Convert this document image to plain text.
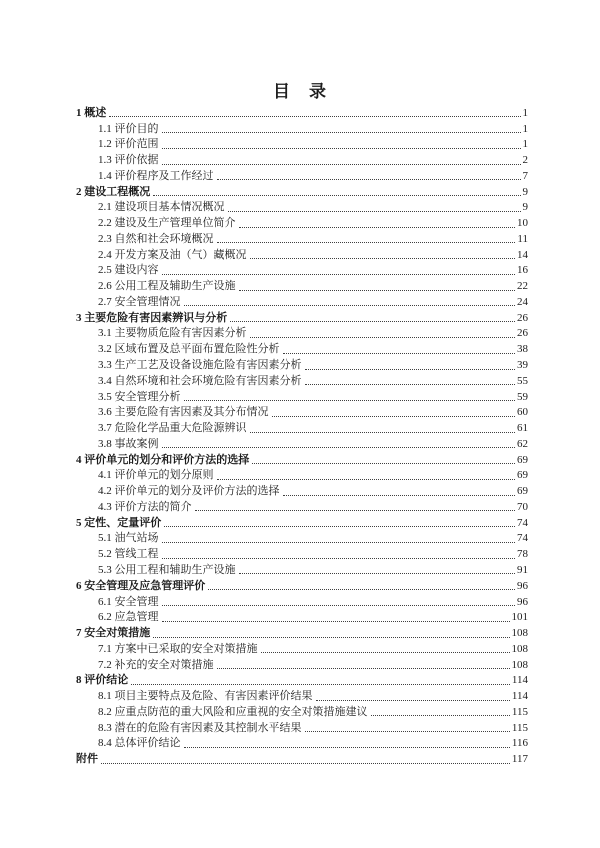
目　录
1 概述	1
1.1 评价目的	1
1.2 评价范围	1
1.3 评价依据	2
1.4 评价程序及工作经过	7
2 建设工程概况	9
2.1 建设项目基本情况概况	9
2.2 建设及生产管理单位简介	10
2.3 自然和社会环境概况	11
2.4 开发方案及油（气）藏概况	14
2.5 建设内容	16
2.6 公用工程及辅助生产设施	22
2.7 安全管理情况	24
3 主要危险有害因素辨识与分析	26
3.1 主要物质危险有害因素分析	26
3.2 区域布置及总平面布置危险性分析	38
3.3 生产工艺及设备设施危险有害因素分析	39
3.4 自然环境和社会环境危险有害因素分析	55
3.5 安全管理分析	59
3.6 主要危险有害因素及其分布情况	60
3.7 危险化学品重大危险源辨识	61
3.8 事故案例	62
4 评价单元的划分和评价方法的选择	69
4.1 评价单元的划分原则	69
4.2 评价单元的划分及评价方法的选择	69
4.3 评价方法的简介	70
5 定性、定量评价	74
5.1 油气站场	74
5.2 管线工程	78
5.3 公用工程和辅助生产设施	91
6 安全管理及应急管理评价	96
6.1 安全管理	96
6.2 应急管理	101
7 安全对策措施	108
7.1 方案中已采取的安全对策措施	108
7.2 补充的安全对策措施	108
8 评价结论	114
8.1 项目主要特点及危险、有害因素评价结果	114
8.2 应重点防范的重大风险和应重视的安全对策措施建议	115
8.3 潜在的危险有害因素及其控制水平结果	115
8.4 总体评价结论	116
附件	117
